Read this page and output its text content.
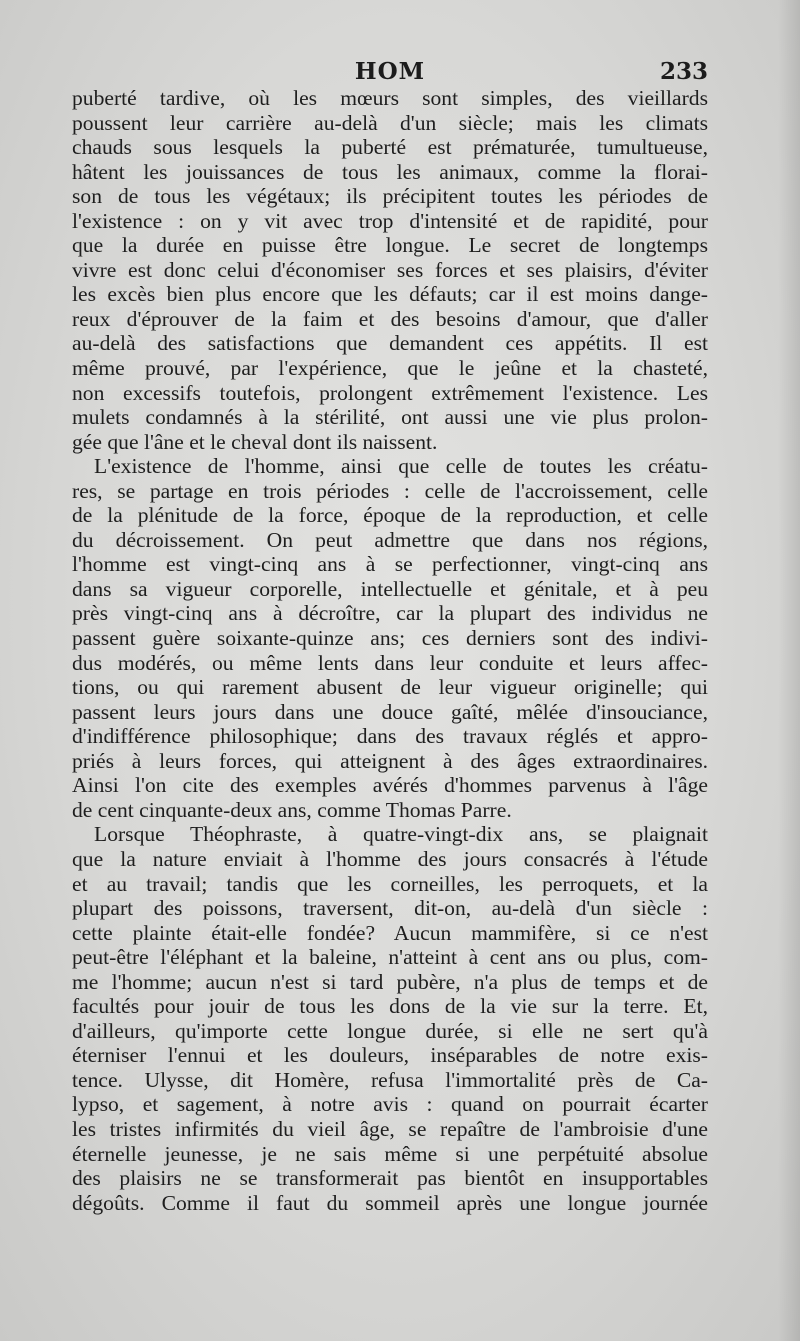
HOM	233
puberté tardive, où les mœurs sont simples, des vieillards
poussent leur carrière au-delà d'un siècle; mais les climats
chauds sous lesquels la puberté est prématurée, tumultueuse,
hâtent les jouissances de tous les animaux, comme la florai-
son de tous les végétaux; ils précipitent toutes les périodes de
l'existence : on y vit avec trop d'intensité et de rapidité, pour
que la durée en puisse être longue. Le secret de longtemps
vivre est donc celui d'économiser ses forces et ses plaisirs, d'éviter
les excès bien plus encore que les défauts; car il est moins dange-
reux d'éprouver de la faim et des besoins d'amour, que d'aller
au-delà des satisfactions que demandent ces appétits. Il est
même prouvé, par l'expérience, que le jeûne et la chasteté,
non excessifs toutefois, prolongent extrêmement l'existence. Les
mulets condamnés à la stérilité, ont aussi une vie plus prolon-
gée que l'âne et le cheval dont ils naissent.
L'existence de l'homme, ainsi que celle de toutes les créatu-
res, se partage en trois périodes : celle de l'accroissement, celle
de la plénitude de la force, époque de la reproduction, et celle
du décroissement. On peut admettre que dans nos régions,
l'homme est vingt-cinq ans à se perfectionner, vingt-cinq ans
dans sa vigueur corporelle, intellectuelle et génitale, et à peu
près vingt-cinq ans à décroître, car la plupart des individus ne
passent guère soixante-quinze ans; ces derniers sont des indivi-
dus modérés, ou même lents dans leur conduite et leurs affec-
tions, ou qui rarement abusent de leur vigueur originelle; qui
passent leurs jours dans une douce gaîté, mêlée d'insouciance,
d'indifférence philosophique; dans des travaux réglés et appro-
priés à leurs forces, qui atteignent à des âges extraordinaires.
Ainsi l'on cite des exemples avérés d'hommes parvenus à l'âge
de cent cinquante-deux ans, comme Thomas Parre.
Lorsque Théophraste, à quatre-vingt-dix ans, se plaignait
que la nature enviait à l'homme des jours consacrés à l'étude
et au travail; tandis que les corneilles, les perroquets, et la
plupart des poissons, traversent, dit-on, au-delà d'un siècle :
cette plainte était-elle fondée? Aucun mammifère, si ce n'est
peut-être l'éléphant et la baleine, n'atteint à cent ans ou plus, com-
me l'homme; aucun n'est si tard pubère, n'a plus de temps et de
facultés pour jouir de tous les dons de la vie sur la terre. Et,
d'ailleurs, qu'importe cette longue durée, si elle ne sert qu'à
éterniser l'ennui et les douleurs, inséparables de notre exis-
tence. Ulysse, dit Homère, refusa l'immortalité près de Ca-
lypso, et sagement, à notre avis : quand on pourrait écarter
les tristes infirmités du vieil âge, se repaître de l'ambroisie d'une
éternelle jeunesse, je ne sais même si une perpétuité absolue
des plaisirs ne se transformerait pas bientôt en insupportables
dégoûts. Comme il faut du sommeil après une longue journée
